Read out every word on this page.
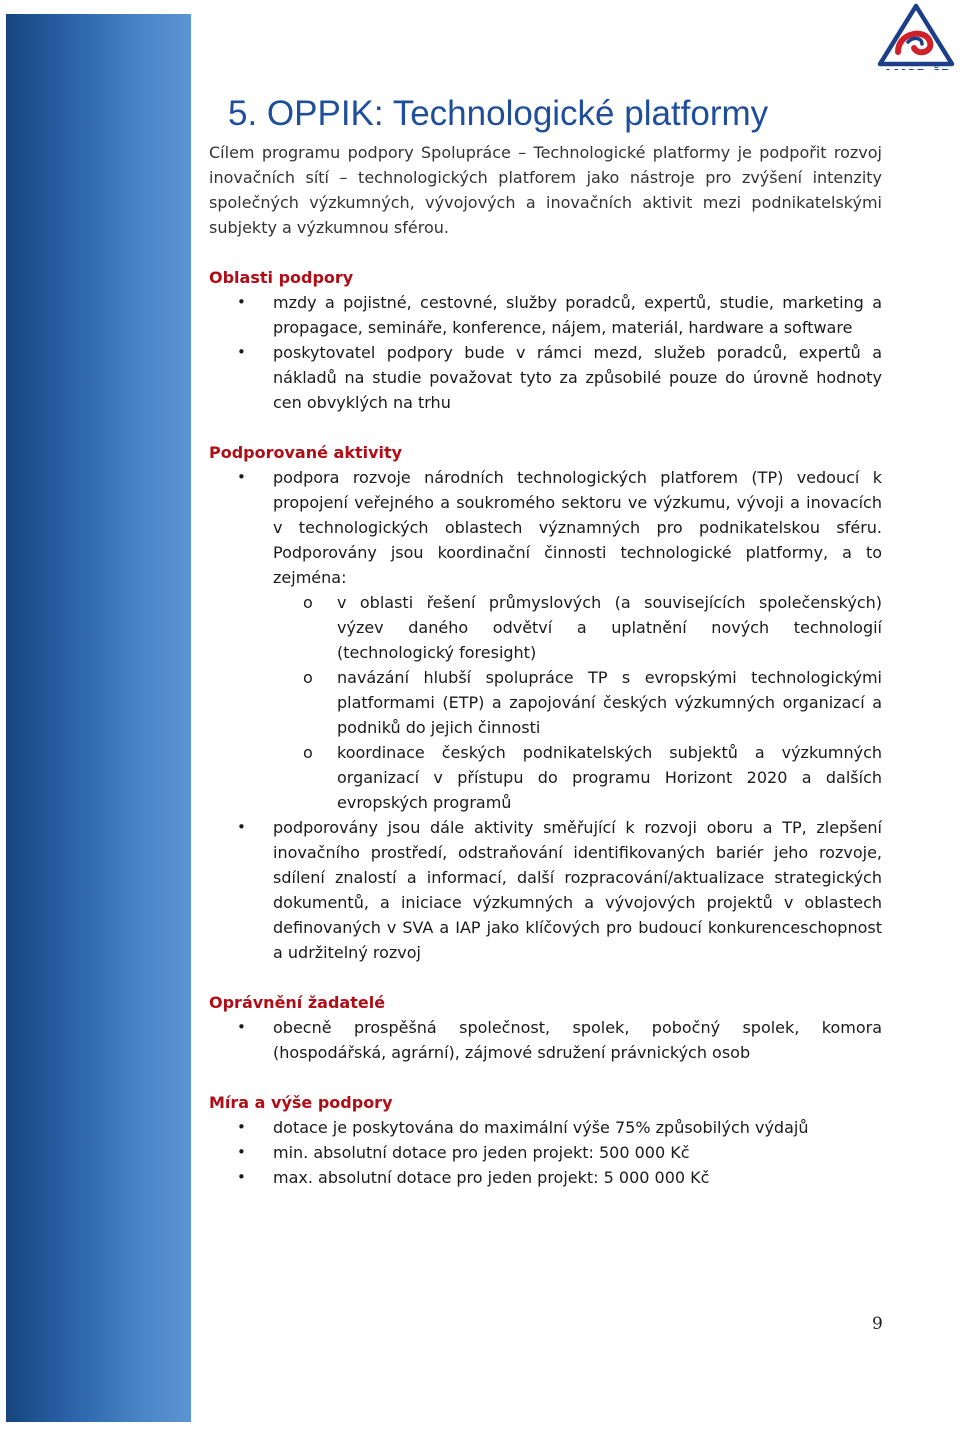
5. OPPIK: Technologické platformy

Cílem programu podpory Spolupráce – Technologické platformy je podpořit rozvoj inovačních sítí – technologických platforem jako nástroje pro zvýšení intenzity společných výzkumných, vývojových a inovačních aktivit mezi podnikatelskými subjekty a výzkumnou sférou.

Oblasti podpory
• mzdy a pojistné, cestovné, služby poradců, expertů, studie, marketing a propagace, semináře, konference, nájem, materiál, hardware a software
• poskytovatel podpory bude v rámci mezd, služeb poradců, expertů a nákladů na studie považovat tyto za způsobilé pouze do úrovně hodnoty cen obvyklých na trhu
Podporované aktivity
• podpora rozvoje národních technologických platforem (TP) vedoucí k propojení veřejného a soukromého sektoru ve výzkumu, vývoji a inovacích v technologických oblastech významných pro podnikatelskou sféru. Podporovány jsou koordinační činnosti technologické platformy, a to zejména:
o v oblasti řešení průmyslových (a souvisejících společenských) výzev daného odvětví a uplatnění nových technologií (technologický foresight)
o navázání hlubší spolupráce TP s evropskými technologickými platformami (ETP) a zapojování českých výzkumných organizací a podniků do jejich činnosti
o koordinace českých podnikatelských subjektů a výzkumných organizací v přístupu do programu Horizont 2020 a dalších evropských programů
• podporovány jsou dále aktivity směřující k rozvoji oboru a TP, zlepšení inovačního prostředí, odstraňování identifikovaných bariér jeho rozvoje, sdílení znalostí a informací, další rozpracování/aktualizace strategických dokumentů, a iniciace výzkumných a vývojových projektů v oblastech definovaných v SVA a IAP jako klíčových pro budoucí konkurenceschopnost a udržitelný rozvoj
Oprávnění žadatelé
• obecně prospěšná společnost, spolek, pobočný spolek, komora (hospodářská, agrární), zájmové sdružení právnických osob
Míra a výše podpory
• dotace je poskytována do maximální výše 75% způsobilých výdajů
• min. absolutní dotace pro jeden projekt: 500 000 Kč
• max. absolutní dotace pro jeden projekt: 5 000 000 Kč
9
